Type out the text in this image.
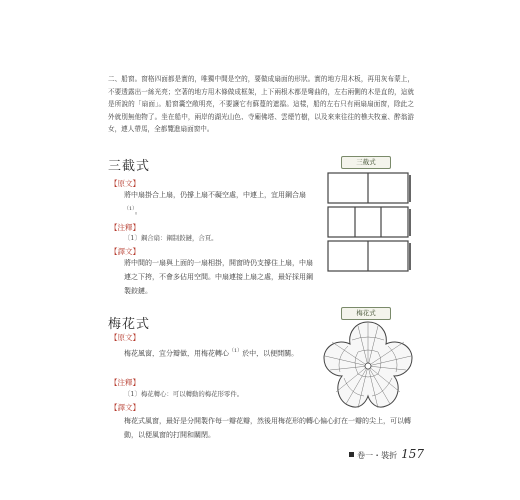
二、船窗。窗格四面都是實的，唯獨中間是空的，要做成扇面的形狀。實的地方用木板，再用灰布蒙上，不要透露出一絲光亮；空著的地方用木條做成框架，上下兩根木都是彎曲的，左右兩側的木是直的，這就是所說的「扇面」。船窗囊空敞明亮，不要讓它有蘇蔓的遮擋。這樣，船的左右只有兩扇扇面窗，除此之外就別無他物了。坐在船中，兩岸的湖光山色、寺廟佛塔、雲煙竹樹，以及來來往往的樵夫牧童、醉翁游女，連人帶馬，全都覽進扇面窗中。

三截式	三截式
【原文】

將中扇掛合上扇，仍撐上扇不礙空處，中連上，宜用鋼合扇$^{(1)}$。

【注釋】

〔1〕鋼合扇：鋼制鉸鏈，合頁。

【譯文】

將中間的一扇與上面的一扇相掛，開窗時仍支撐住上扇，中扇連之下挎，不會多佔用空間。中扇連接上扇之處，最好採用鋼製鉸鏈。

梅花式
梅花式
【原文】

梅花風窗，宜分瓣做，用梅花轉心$^{(1)}$於中，以便開關。

【注釋】

〔1〕梅花轉心：可以轉動的梅花形零件。

【譯文】

梅花式風窗，最好是分開製作每一瓣花瓣，然後用梅花形的轉心偏心釘在一瓣的尖上，可以轉動，以便風窗的打開和關閉。

卷一・裝折 157
